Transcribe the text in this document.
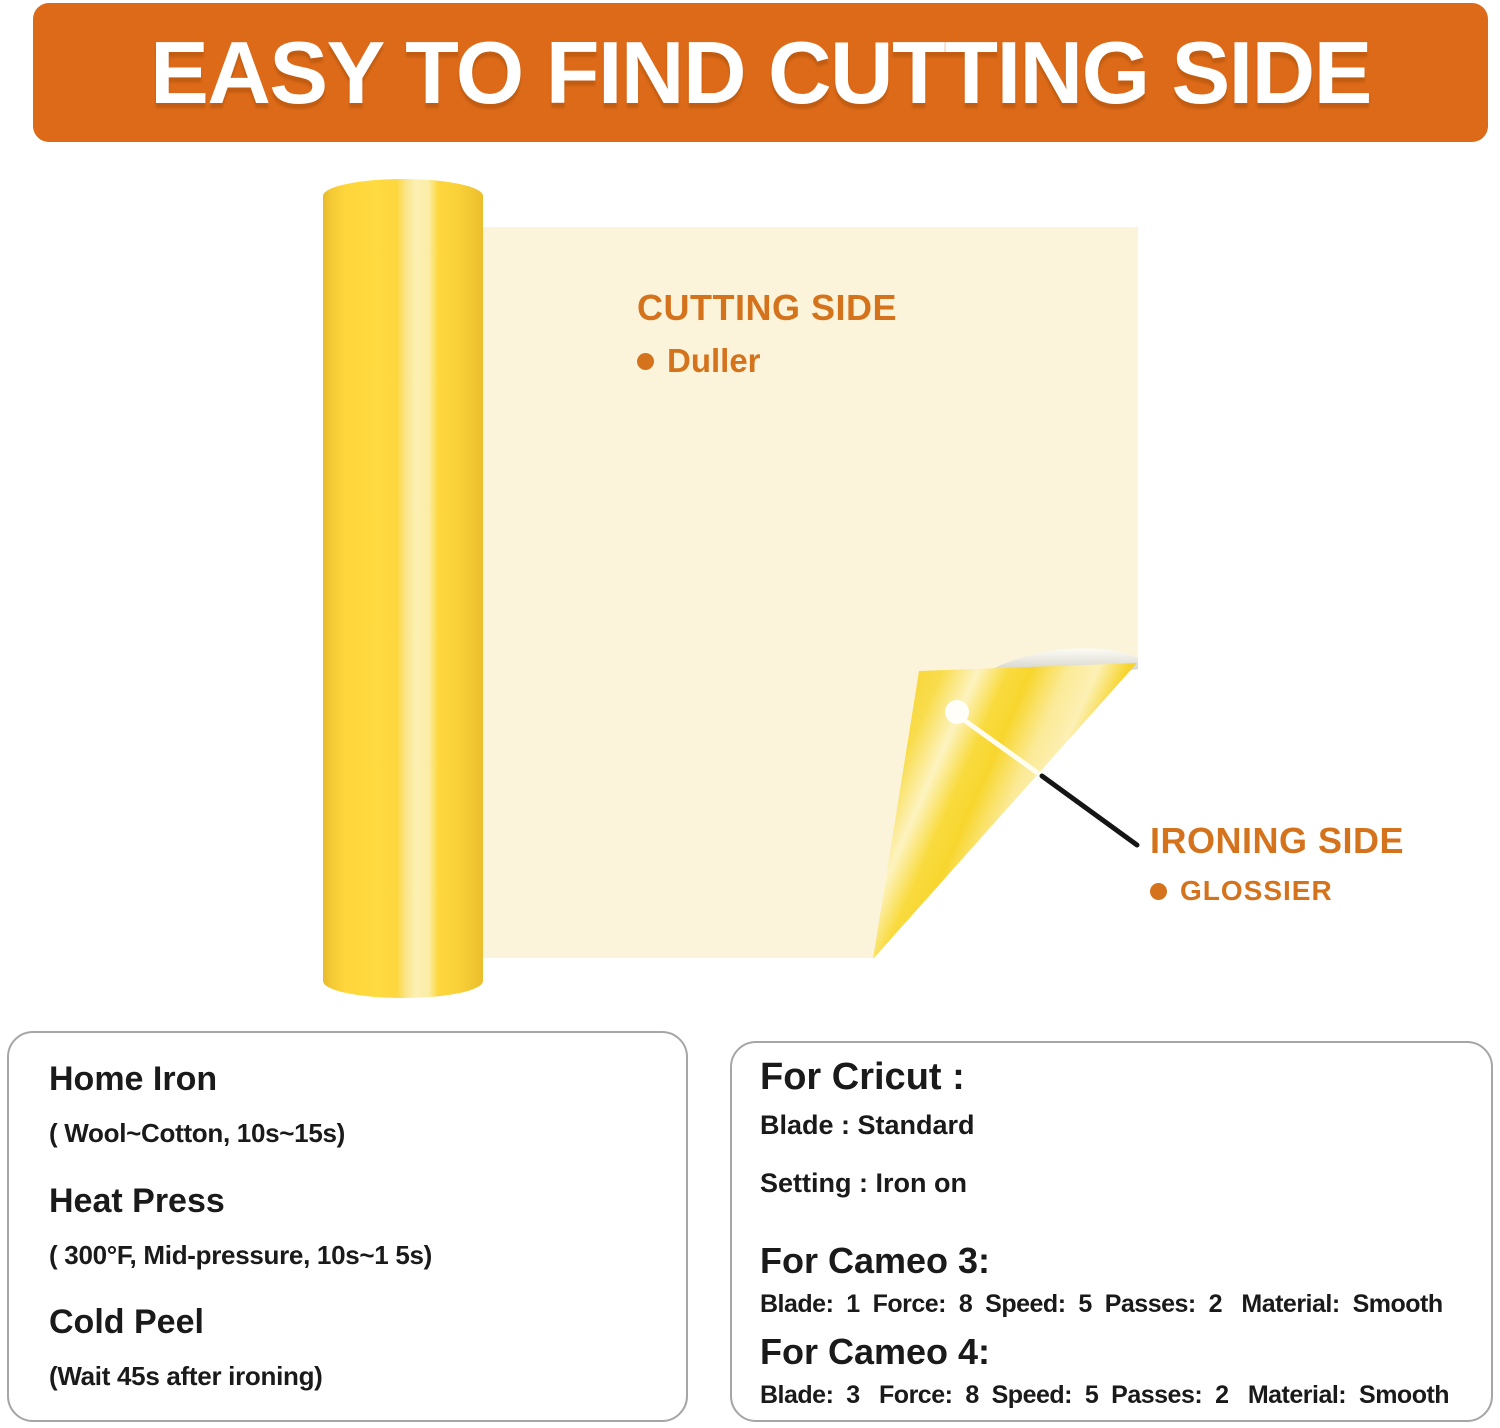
EASY TO FIND CUTTING SIDE
CUTTING SIDE
Duller
IRONING SIDE
GLOSSIER
Home Iron
( Wool~Cotton, 10s~15s)
Heat Press
( 300°F, Mid-pressure, 10s~1 5s)
Cold Peel
(Wait 45s after ironing)
For Cricut :
Blade : Standard
Setting : Iron on
For Cameo 3:
Blade:  1  Force:  8  Speed:  5  Passes:  2   Material:  Smooth
For Cameo 4:
Blade:  3   Force:  8  Speed:  5  Passes:  2   Material:  Smooth
